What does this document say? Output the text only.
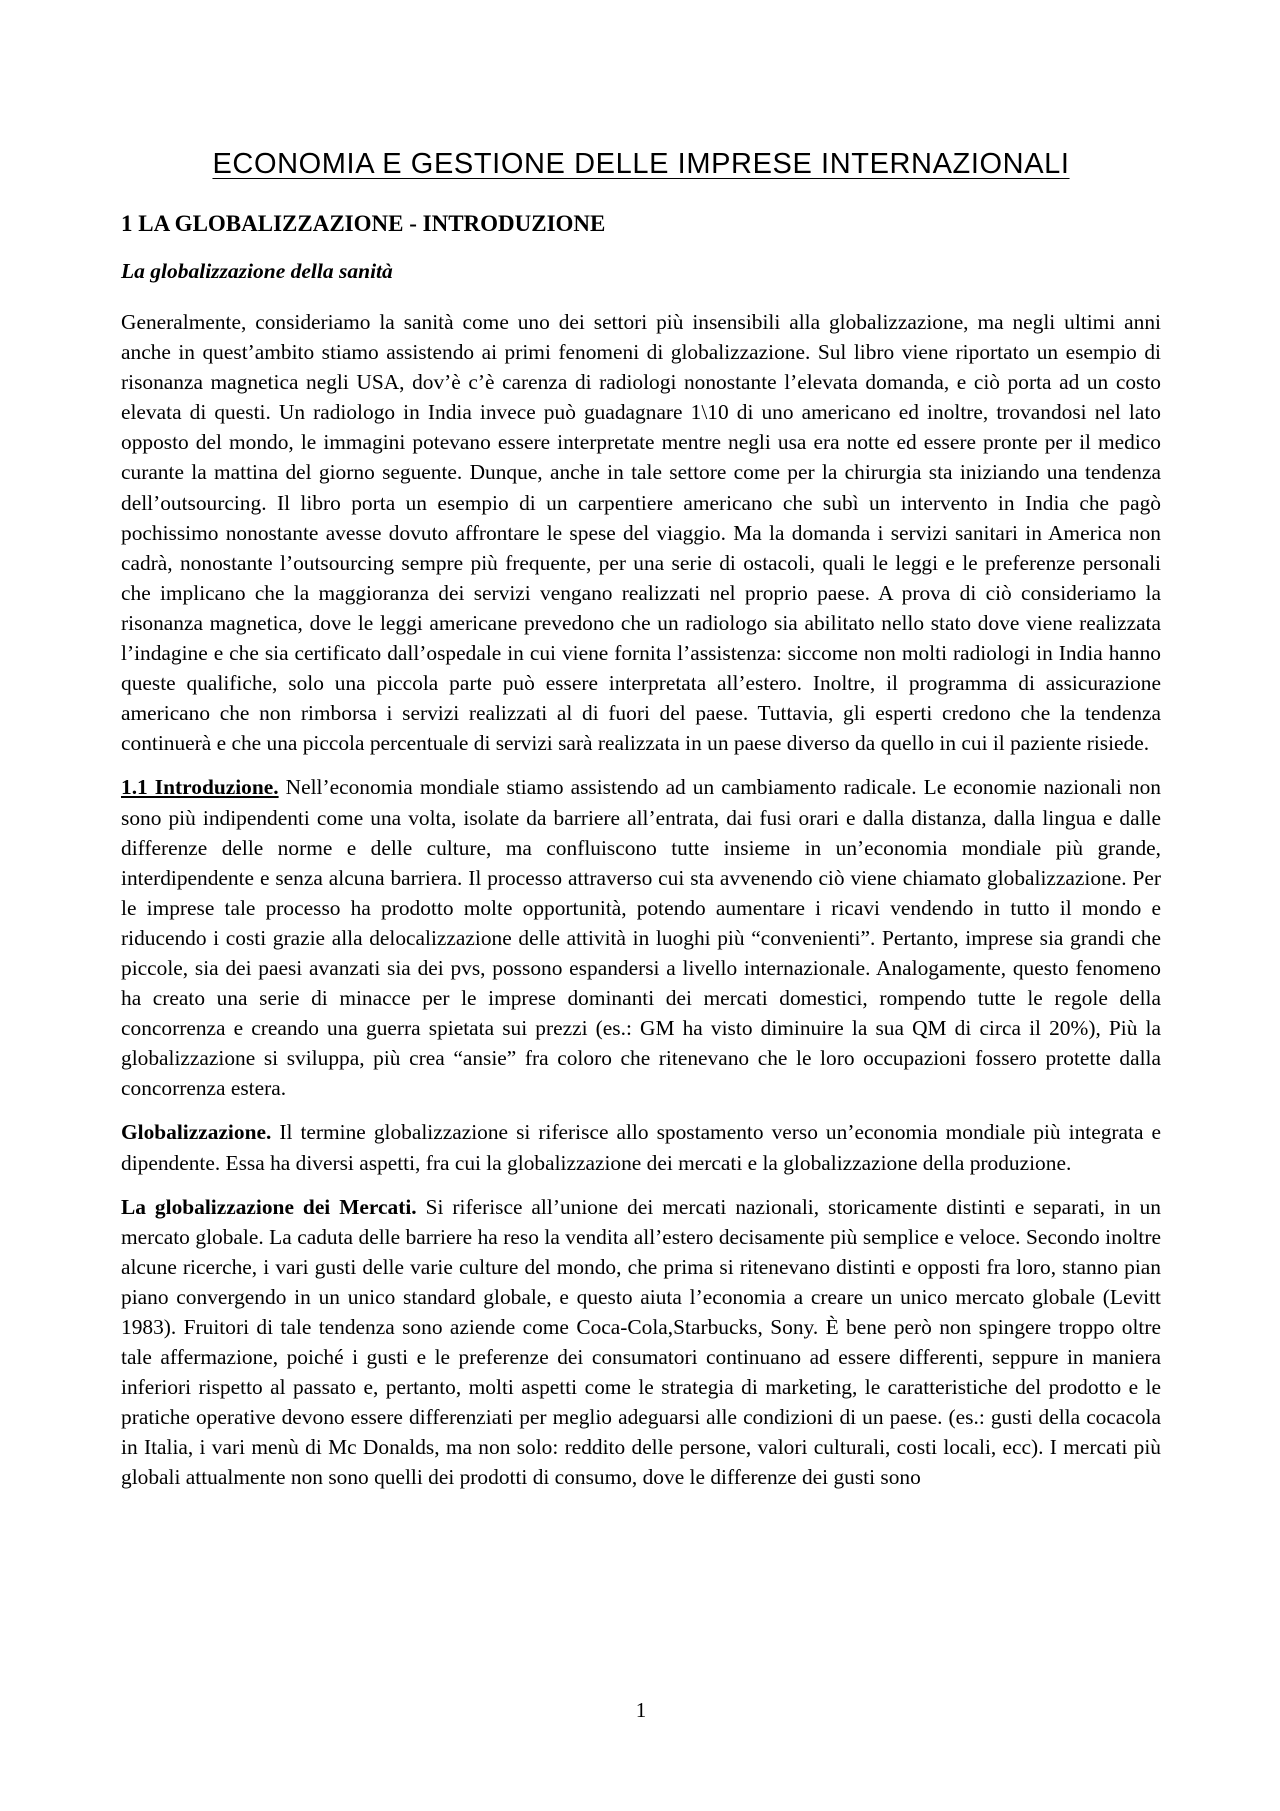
ECONOMIA E GESTIONE DELLE IMPRESE INTERNAZIONALI
1 LA GLOBALIZZAZIONE - INTRODUZIONE
La globalizzazione della sanità

Generalmente, consideriamo la sanità come uno dei settori più insensibili alla globalizzazione, ma negli ultimi anni anche in quest’ambito stiamo assistendo ai primi fenomeni di globalizzazione. Sul libro viene riportato un esempio di risonanza magnetica negli USA, dov’è c’è carenza di radiologi nonostante l’elevata domanda, e ciò porta ad un costo elevata di questi. Un radiologo in India invece può guadagnare 1\10 di uno americano ed inoltre, trovandosi nel lato opposto del mondo, le immagini potevano essere interpretate mentre negli usa era notte ed essere pronte per il medico curante la mattina del giorno seguente. Dunque, anche in tale settore come per la chirurgia sta iniziando una tendenza dell’outsourcing. Il libro porta un esempio di un carpentiere americano che subì un intervento in India che pagò pochissimo nonostante avesse dovuto affrontare le spese del viaggio. Ma la domanda i servizi sanitari in America non cadrà, nonostante l’outsourcing sempre più frequente, per una serie di ostacoli, quali le leggi e le preferenze personali che implicano che la maggioranza dei servizi vengano realizzati nel proprio paese. A prova di ciò consideriamo la risonanza magnetica, dove le leggi americane prevedono che un radiologo sia abilitato nello stato dove viene realizzata l’indagine e che sia certificato dall’ospedale in cui viene fornita l’assistenza: siccome non molti radiologi in India hanno queste qualifiche, solo una piccola parte può essere interpretata all’estero. Inoltre, il programma di assicurazione americano che non rimborsa i servizi realizzati al di fuori del paese. Tuttavia, gli esperti credono che la tendenza continuerà e che una piccola percentuale di servizi sarà realizzata in un paese diverso da quello in cui il paziente risiede.

1.1 Introduzione. Nell’economia mondiale stiamo assistendo ad un cambiamento radicale. Le economie nazionali non sono più indipendenti come una volta, isolate da barriere all’entrata, dai fusi orari e dalla distanza, dalla lingua e dalle differenze delle norme e delle culture, ma confluiscono tutte insieme in un’economia mondiale più grande, interdipendente e senza alcuna barriera. Il processo attraverso cui sta avvenendo ciò viene chiamato globalizzazione. Per le imprese tale processo ha prodotto molte opportunità, potendo aumentare i ricavi vendendo in tutto il mondo e riducendo i costi grazie alla delocalizzazione delle attività in luoghi più “convenienti”. Pertanto, imprese sia grandi che piccole, sia dei paesi avanzati sia dei pvs, possono espandersi a livello internazionale. Analogamente, questo fenomeno ha creato una serie di minacce per le imprese dominanti dei mercati domestici, rompendo tutte le regole della concorrenza e creando una guerra spietata sui prezzi (es.: GM ha visto diminuire la sua QM di circa il 20%), Più la globalizzazione si sviluppa, più crea “ansie” fra coloro che ritenevano che le loro occupazioni fossero protette dalla concorrenza estera.

Globalizzazione. Il termine globalizzazione si riferisce allo spostamento verso un’economia mondiale più integrata e dipendente. Essa ha diversi aspetti, fra cui la globalizzazione dei mercati e la globalizzazione della produzione.

La globalizzazione dei Mercati. Si riferisce all’unione dei mercati nazionali, storicamente distinti e separati, in un mercato globale. La caduta delle barriere ha reso la vendita all’estero decisamente più semplice e veloce. Secondo inoltre alcune ricerche, i vari gusti delle varie culture del mondo, che prima si ritenevano distinti e opposti fra loro, stanno pian piano convergendo in un unico standard globale, e questo aiuta l’economia a creare un unico mercato globale (Levitt 1983). Fruitori di tale tendenza sono aziende come Coca-Cola,Starbucks, Sony. È bene però non spingere troppo oltre tale affermazione, poiché i gusti e le preferenze dei consumatori continuano ad essere differenti, seppure in maniera inferiori rispetto al passato e, pertanto, molti aspetti come le strategia di marketing, le caratteristiche del prodotto e le pratiche operative devono essere differenziati per meglio adeguarsi alle condizioni di un paese. (es.: gusti della cocacola in Italia, i vari menù di Mc Donalds, ma non solo: reddito delle persone, valori culturali, costi locali, ecc). I mercati più globali attualmente non sono quelli dei prodotti di consumo, dove le differenze dei gusti sono

1
